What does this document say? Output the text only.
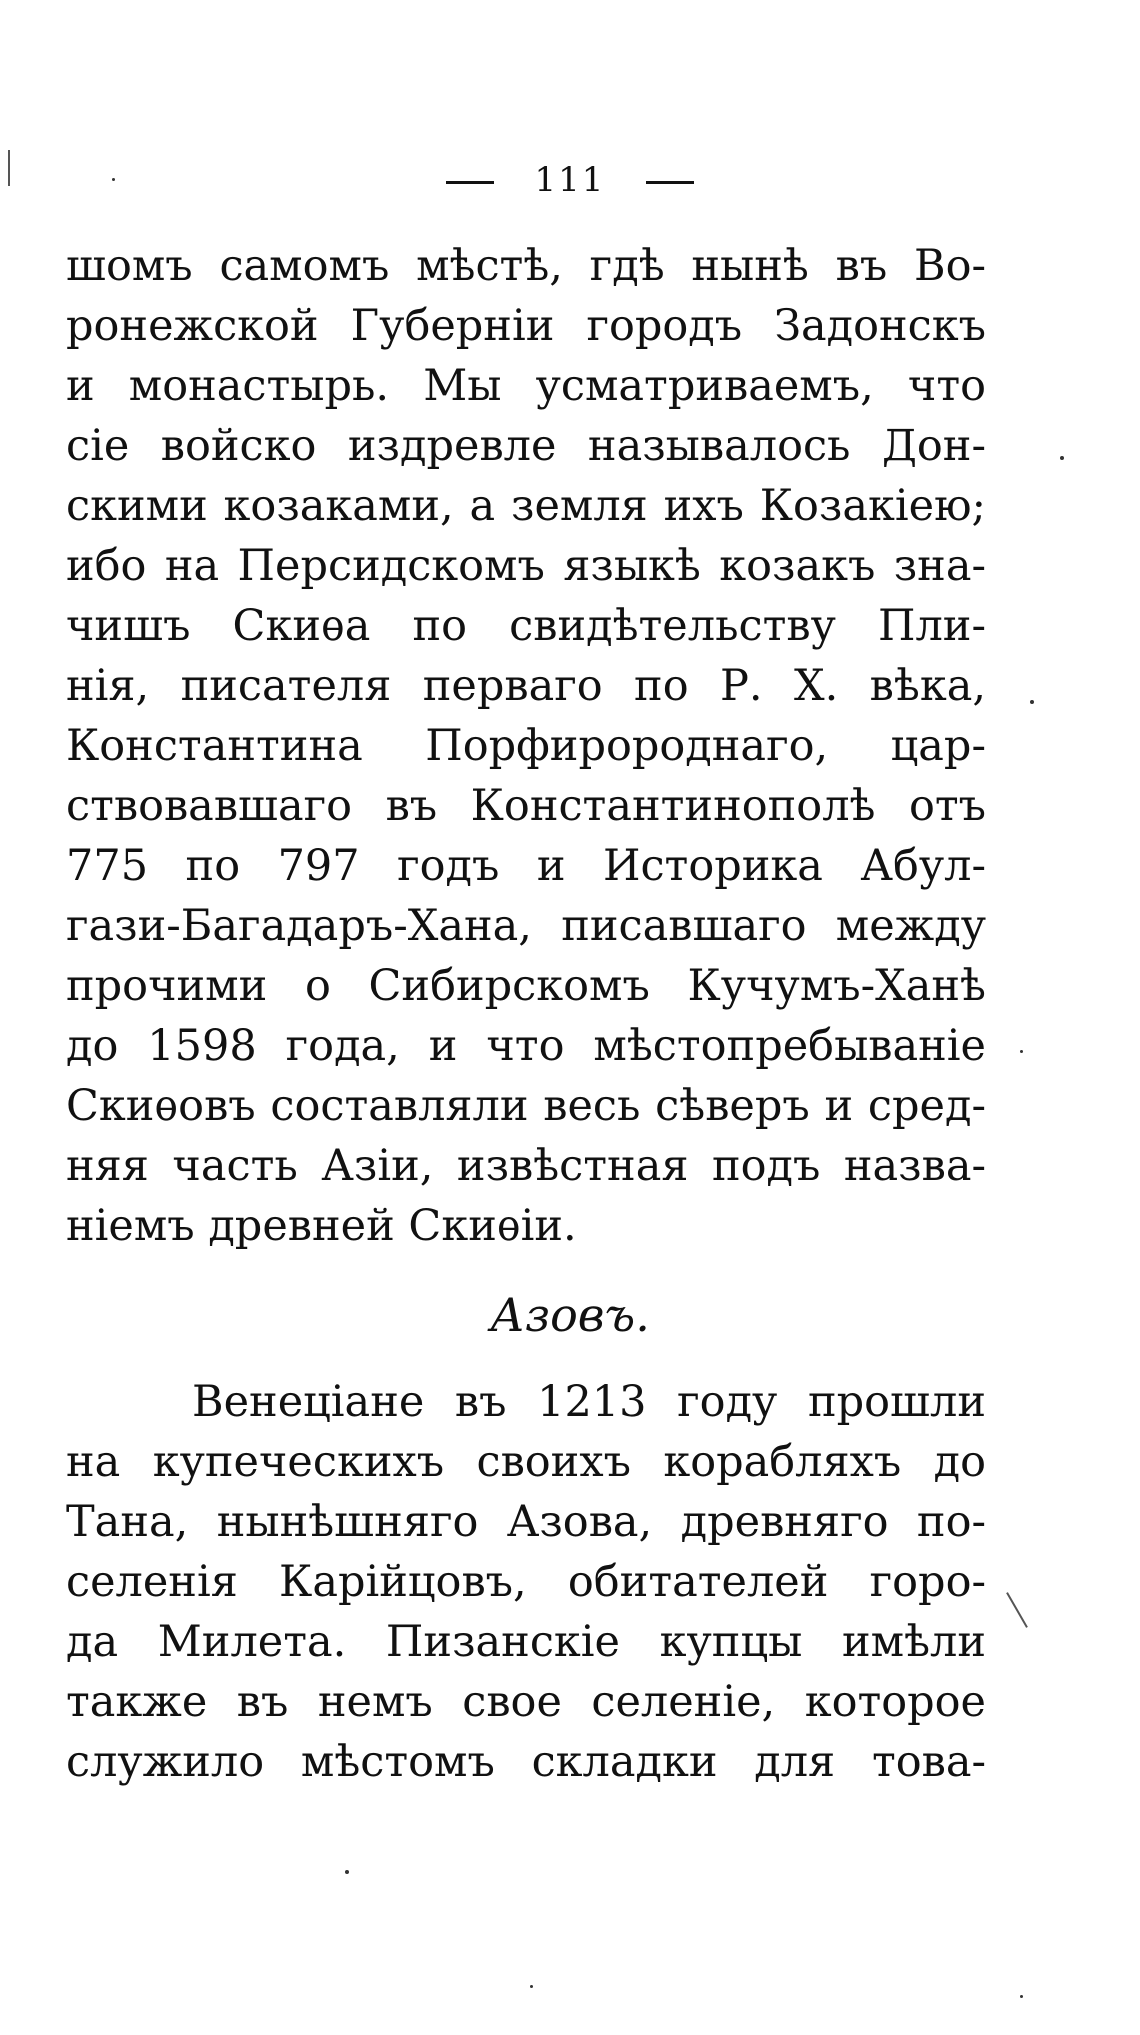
111
шомъ самомъ мѣстѣ, гдѣ нынѣ въ Во-
ронежской Губерніи городъ Задонскъ
и монастырь. Мы усматриваемъ, что
сіе войско издревле называлось Дон-
скими козаками, а земля ихъ Козакіею;
ибо на Персидскомъ языкѣ козакъ зна-
чишъ Скиѳа по свидѣтельству Пли-
нія, писателя перваго по Р. Х. вѣка,
Константина Порфиророднаго, цар-
ствовавшаго въ Константинополѣ отъ
775 по 797 годъ и Историка Абул-
гази-Багадаръ-Хана, писавшаго между
прочими о Сибирскомъ Кучумъ-Ханѣ
до 1598 года, и что мѣстопребываніе
Скиѳовъ составляли весь сѣверъ и сред-
няя часть Азіи, извѣстная подъ назва-
ніемъ древней Скиѳіи.
Азовъ.
Венеціане въ 1213 году прошли
на купеческихъ своихъ корабляхъ до
Тана, нынѣшняго Азова, древняго по-
селенія Карійцовъ, обитателей горо-
да Милета. Пизанскіе купцы имѣли
также въ немъ свое селеніе, которое
служило мѣстомъ складки для това-
